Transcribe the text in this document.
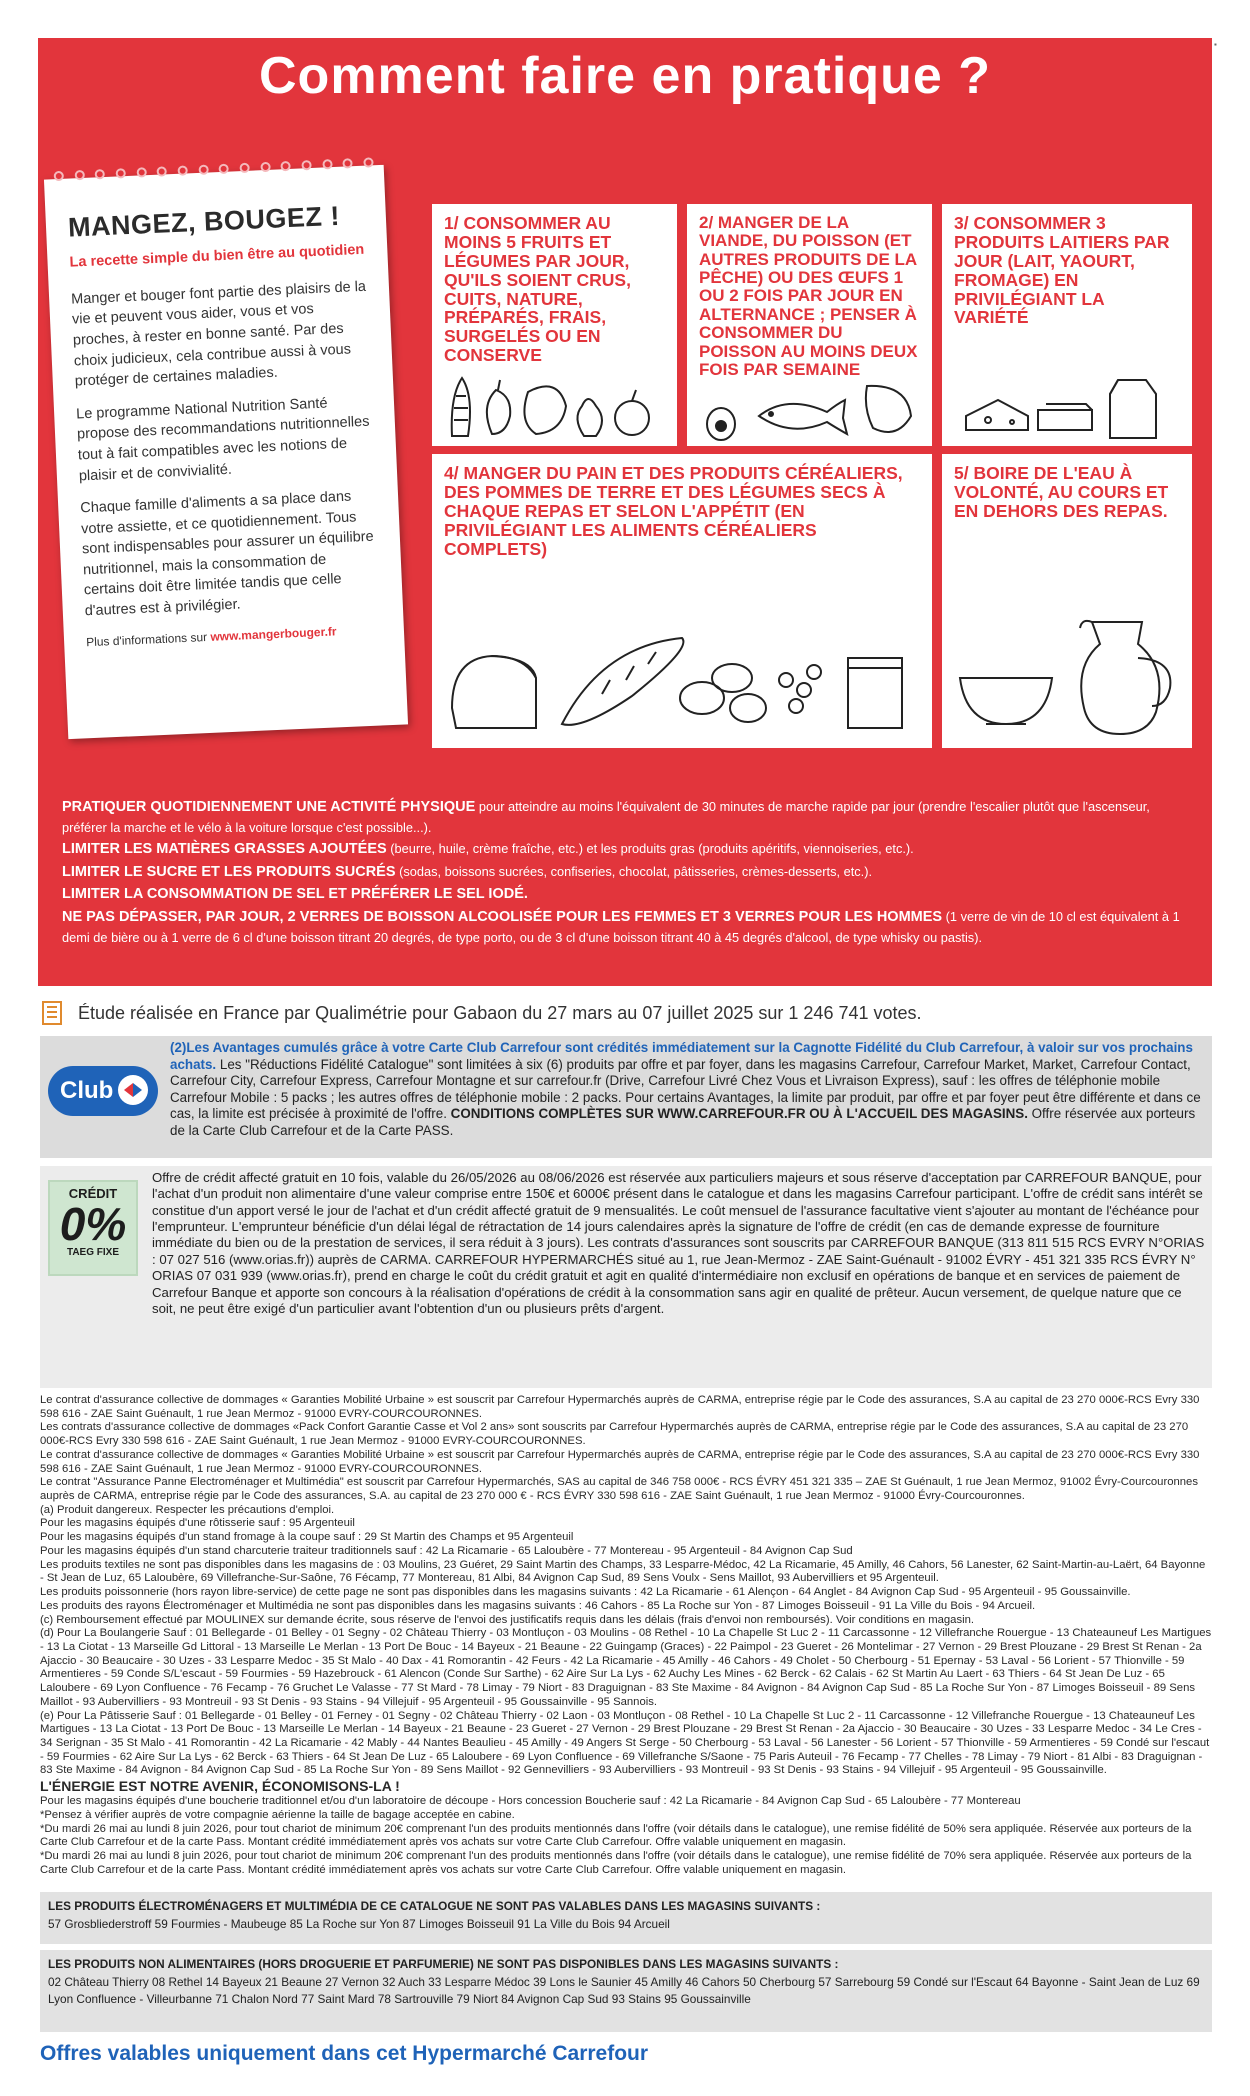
▪
Comment faire en pratique ?
MANGEZ, BOUGEZ !
La recette simple du bien être au quotidien

Manger et bouger font partie des plaisirs de la vie et peuvent vous aider, vous et vos proches, à rester en bonne santé. Par des choix judicieux, cela contribue aussi à vous protéger de certaines maladies.

Le programme National Nutrition Santé propose des recommandations nutritionnelles tout à fait compatibles avec les notions de plaisir et de convivialité.

Chaque famille d'aliments a sa place dans votre assiette, et ce quotidiennement. Tous sont indispensables pour assurer un équilibre nutritionnel, mais la consommation de certains doit être limitée tandis que celle d'autres est à privilégier.

Plus d'informations sur www.mangerbouger.fr
1/ CONSOMMER AU MOINS 5 FRUITS ET LÉGUMES PAR JOUR, QU'ILS SOIENT CRUS, CUITS, NATURE, PRÉPARÉS, FRAIS, SURGELÉS OU EN CONSERVE
2/ MANGER DE LA VIANDE, DU POISSON (ET AUTRES PRODUITS DE LA PÊCHE) OU DES ŒUFS 1 OU 2 FOIS PAR JOUR EN ALTERNANCE ; PENSER À CONSOMMER DU POISSON AU MOINS DEUX FOIS PAR SEMAINE
3/ CONSOMMER 3 PRODUITS LAITIERS PAR JOUR (LAIT, YAOURT, FROMAGE) EN PRIVILÉGIANT LA VARIÉTÉ
4/ MANGER DU PAIN ET DES PRODUITS CÉRÉALIERS, DES POMMES DE TERRE ET DES LÉGUMES SECS À CHAQUE REPAS ET SELON L'APPÉTIT (EN PRIVILÉGIANT LES ALIMENTS CÉRÉALIERS COMPLETS)
5/ BOIRE DE L'EAU À VOLONTÉ, AU COURS ET EN DEHORS DES REPAS.
PRATIQUER QUOTIDIENNEMENT UNE ACTIVITÉ PHYSIQUE pour atteindre au moins l'équivalent de 30 minutes de marche rapide par jour (prendre l'escalier plutôt que l'ascenseur, préférer la marche et le vélo à la voiture lorsque c'est possible...).
LIMITER LES MATIÈRES GRASSES AJOUTÉES (beurre, huile, crème fraîche, etc.) et les produits gras (produits apéritifs, viennoiseries, etc.).
LIMITER LE SUCRE ET LES PRODUITS SUCRÉS (sodas, boissons sucrées, confiseries, chocolat, pâtisseries, crèmes-desserts, etc.).
LIMITER LA CONSOMMATION DE SEL ET PRÉFÉRER LE SEL IODÉ.
NE PAS DÉPASSER, PAR JOUR, 2 VERRES DE BOISSON ALCOOLISÉE POUR LES FEMMES ET 3 VERRES POUR LES HOMMES (1 verre de vin de 10 cl est équivalent à 1 demi de bière ou à 1 verre de 6 cl d'une boisson titrant 20 degrés, de type porto, ou de 3 cl d'une boisson titrant 40 à 45 degrés d'alcool, de type whisky ou pastis).
Étude réalisée en France par Qualimétrie pour Gabaon du 27 mars au 07 juillet 2025 sur 1 246 741 votes.
Club
(2)Les Avantages cumulés grâce à votre Carte Club Carrefour sont crédités immédiatement sur la Cagnotte Fidélité du Club Carrefour, à valoir sur vos prochains achats. Les "Réductions Fidélité Catalogue" sont limitées à six (6) produits par offre et par foyer, dans les magasins Carrefour, Carrefour Market, Market, Carrefour Contact, Carrefour City, Carrefour Express, Carrefour Montagne et sur carrefour.fr (Drive, Carrefour Livré Chez Vous et Livraison Express), sauf : les offres de téléphonie mobile Carrefour Mobile : 5 packs ; les autres offres de téléphonie mobile : 2 packs. Pour certains Avantages, la limite par produit, par offre et par foyer peut être différente et dans ce cas, la limite est précisée à proximité de l'offre. CONDITIONS COMPLÈTES SUR WWW.CARREFOUR.FR OU À L'ACCUEIL DES MAGASINS. Offre réservée aux porteurs de la Carte Club Carrefour et de la Carte PASS.
CRÉDIT
0%
TAEG FIXE
Offre de crédit affecté gratuit en 10 fois, valable du 26/05/2026 au 08/06/2026 est réservée aux particuliers majeurs et sous réserve d'acceptation par CARREFOUR BANQUE, pour l'achat d'un produit non alimentaire d'une valeur comprise entre 150€ et 6000€ présent dans le catalogue et dans les magasins Carrefour participant. L'offre de crédit sans intérêt se constitue d'un apport versé le jour de l'achat et d'un crédit affecté gratuit de 9 mensualités. Le coût mensuel de l'assurance facultative vient s'ajouter au montant de l'échéance pour l'emprunteur. L'emprunteur bénéficie d'un délai légal de rétractation de 14 jours calendaires après la signature de l'offre de crédit (en cas de demande expresse de fourniture immédiate du bien ou de la prestation de services, il sera réduit à 3 jours). Les contrats d'assurances sont souscrits par CARREFOUR BANQUE (313 811 515 RCS EVRY N°ORIAS : 07 027 516 (www.orias.fr)) auprès de CARMA. CARREFOUR HYPERMARCHÉS situé au 1, rue Jean-Mermoz - ZAE Saint-Guénault - 91002 ÉVRY - 451 321 335 RCS ÉVRY N° ORIAS 07 031 939 (www.orias.fr), prend en charge le coût du crédit gratuit et agit en qualité d'intermédiaire non exclusif en opérations de banque et en services de paiement de Carrefour Banque et apporte son concours à la réalisation d'opérations de crédit à la consommation sans agir en qualité de prêteur. Aucun versement, de quelque nature que ce soit, ne peut être exigé d'un particulier avant l'obtention d'un ou plusieurs prêts d'argent.
Le contrat d'assurance collective de dommages « Garanties Mobilité Urbaine » est souscrit par Carrefour Hypermarchés auprès de CARMA, entreprise régie par le Code des assurances, S.A au capital de 23 270 000€-RCS Evry 330 598 616 - ZAE Saint Guénault, 1 rue Jean Mermoz - 91000 EVRY-COURCOURONNES.
Les contrats d'assurance collective de dommages «Pack Confort Garantie Casse et Vol 2 ans» sont souscrits par Carrefour Hypermarchés auprès de CARMA, entreprise régie par le Code des assurances, S.A au capital de 23 270 000€-RCS Evry 330 598 616 - ZAE Saint Guénault, 1 rue Jean Mermoz - 91000 EVRY-COURCOURONNES.
Le contrat d'assurance collective de dommages « Garanties Mobilité Urbaine » est souscrit par Carrefour Hypermarchés auprès de CARMA, entreprise régie par le Code des assurances, S.A au capital de 23 270 000€-RCS Evry 330 598 616 - ZAE Saint Guénault, 1 rue Jean Mermoz - 91000 EVRY-COURCOURONNES.
Le contrat "Assurance Panne Electroménager et Multimédia" est souscrit par Carrefour Hypermarchés, SAS au capital de 346 758 000€ - RCS ÉVRY 451 321 335 – ZAE St Guénault, 1 rue Jean Mermoz, 91002 Évry-Courcouronnes auprès de CARMA, entreprise régie par le Code des assurances, S.A. au capital de 23 270 000 € - RCS ÉVRY 330 598 616 - ZAE Saint Guénault, 1 rue Jean Mermoz - 91000 Évry-Courcouronnes.
(a) Produit dangereux. Respecter les précautions d'emploi.
Pour les magasins équipés d'une rôtisserie sauf : 95 Argenteuil
Pour les magasins équipés d'un stand fromage à la coupe sauf : 29 St Martin des Champs et 95 Argenteuil
Pour les magasins équipés d'un stand charcuterie traiteur traditionnels sauf : 42 La Ricamarie - 65 Laloubère - 77 Montereau - 95 Argenteuil - 84 Avignon Cap Sud
Les produits textiles ne sont pas disponibles dans les magasins de : 03 Moulins, 23 Guéret, 29 Saint Martin des Champs, 33 Lesparre-Médoc, 42 La Ricamarie, 45 Amilly, 46 Cahors, 56 Lanester, 62 Saint-Martin-au-Laërt, 64 Bayonne - St Jean de Luz, 65 Laloubère, 69 Villefranche-Sur-Saône, 76 Fécamp, 77 Montereau, 81 Albi, 84 Avignon Cap Sud, 89 Sens Voulx - Sens Maillot, 93 Aubervilliers et 95 Argenteuil.
Les produits poissonnerie (hors rayon libre-service) de cette page ne sont pas disponibles dans les magasins suivants : 42 La Ricamarie - 61 Alençon - 64 Anglet - 84 Avignon Cap Sud - 95 Argenteuil - 95 Goussainville.
Les produits des rayons Électroménager et Multimédia ne sont pas disponibles dans les magasins suivants : 46 Cahors - 85 La Roche sur Yon - 87 Limoges Boisseuil - 91 La Ville du Bois - 94 Arcueil.
(c) Remboursement effectué par MOULINEX sur demande écrite, sous réserve de l'envoi des justificatifs requis dans les délais (frais d'envoi non remboursés). Voir conditions en magasin.
(d) Pour La Boulangerie Sauf : 01 Bellegarde - 01 Belley - 01 Segny - 02 Château Thierry - 03 Montluçon - 03 Moulins - 08 Rethel - 10 La Chapelle St Luc 2 - 11 Carcassonne - 12 Villefranche Rouergue - 13 Chateauneuf Les Martigues - 13 La Ciotat - 13 Marseille Gd Littoral - 13 Marseille Le Merlan - 13 Port De Bouc - 14 Bayeux - 21 Beaune - 22 Guingamp (Graces) - 22 Paimpol - 23 Gueret - 26 Montelimar - 27 Vernon - 29 Brest Plouzane - 29 Brest St Renan - 2a Ajaccio - 30 Beaucaire - 30 Uzes - 33 Lesparre Medoc - 35 St Malo - 40 Dax - 41 Romorantin - 42 Feurs - 42 La Ricamarie - 45 Amilly - 46 Cahors - 49 Cholet - 50 Cherbourg - 51 Epernay - 53 Laval - 56 Lorient - 57 Thionville - 59 Armentieres - 59 Conde S/L'escaut - 59 Fourmies - 59 Hazebrouck - 61 Alencon (Conde Sur Sarthe) - 62 Aire Sur La Lys - 62 Auchy Les Mines - 62 Berck - 62 Calais - 62 St Martin Au Laert - 63 Thiers - 64 St Jean De Luz - 65 Laloubere - 69 Lyon Confluence - 76 Fecamp - 76 Gruchet Le Valasse - 77 St Mard - 78 Limay - 79 Niort - 83 Draguignan - 83 Ste Maxime - 84 Avignon - 84 Avignon Cap Sud - 85 La Roche Sur Yon - 87 Limoges Boisseuil - 89 Sens Maillot - 93 Aubervilliers - 93 Montreuil - 93 St Denis - 93 Stains - 94 Villejuif - 95 Argenteuil - 95 Goussainville - 95 Sannois.
(e) Pour La Pâtisserie Sauf : 01 Bellegarde - 01 Belley - 01 Ferney - 01 Segny - 02 Château Thierry - 02 Laon - 03 Montluçon - 08 Rethel - 10 La Chapelle St Luc 2 - 11 Carcassonne - 12 Villefranche Rouergue - 13 Chateauneuf Les Martigues - 13 La Ciotat - 13 Port De Bouc - 13 Marseille Le Merlan - 14 Bayeux - 21 Beaune - 23 Gueret - 27 Vernon - 29 Brest Plouzane - 29 Brest St Renan - 2a Ajaccio - 30 Beaucaire - 30 Uzes - 33 Lesparre Medoc - 34 Le Cres - 34 Serignan - 35 St Malo - 41 Romorantin - 42 La Ricamarie - 42 Mably - 44 Nantes Beaulieu - 45 Amilly - 49 Angers St Serge - 50 Cherbourg - 53 Laval - 56 Lanester - 56 Lorient - 57 Thionville - 59 Armentieres - 59 Condé sur l'escaut - 59 Fourmies - 62 Aire Sur La Lys - 62 Berck - 63 Thiers - 64 St Jean De Luz - 65 Laloubere - 69 Lyon Confluence - 69 Villefranche S/Saone - 75 Paris Auteuil - 76 Fecamp - 77 Chelles - 78 Limay - 79 Niort - 81 Albi - 83 Draguignan - 83 Ste Maxime - 84 Avignon - 84 Avignon Cap Sud - 85 La Roche Sur Yon - 89 Sens Maillot - 92 Gennevilliers - 93 Aubervilliers - 93 Montreuil - 93 St Denis - 93 Stains - 94 Villejuif - 95 Argenteuil - 95 Goussainville.
L'ÉNERGIE EST NOTRE AVENIR, ÉCONOMISONS-LA !
Pour les magasins équipés d'une boucherie traditionnel et/ou d'un laboratoire de découpe - Hors concession Boucherie sauf : 42 La Ricamarie - 84 Avignon Cap Sud - 65 Laloubère - 77 Montereau
*Pensez à vérifier auprès de votre compagnie aérienne la taille de bagage acceptée en cabine.
*Du mardi 26 mai au lundi 8 juin 2026, pour tout chariot de minimum 20€ comprenant l'un des produits mentionnés dans l'offre (voir détails dans le catalogue), une remise fidélité de 50% sera appliquée. Réservée aux porteurs de la Carte Club Carrefour et de la carte Pass. Montant crédité immédiatement après vos achats sur votre Carte Club Carrefour. Offre valable uniquement en magasin.
*Du mardi 26 mai au lundi 8 juin 2026, pour tout chariot de minimum 20€ comprenant l'un des produits mentionnés dans l'offre (voir détails dans le catalogue), une remise fidélité de 70% sera appliquée. Réservée aux porteurs de la Carte Club Carrefour et de la carte Pass. Montant crédité immédiatement après vos achats sur votre Carte Club Carrefour. Offre valable uniquement en magasin.
LES PRODUITS ÉLECTROMÉNAGERS ET MULTIMÉDIA DE CE CATALOGUE NE SONT PAS VALABLES DANS LES MAGASINS SUIVANTS :
57 Grosbliederstroff 59 Fourmies - Maubeuge 85 La Roche sur Yon 87 Limoges Boisseuil 91 La Ville du Bois 94 Arcueil
LES PRODUITS NON ALIMENTAIRES (HORS DROGUERIE ET PARFUMERIE) NE SONT PAS DISPONIBLES DANS LES MAGASINS SUIVANTS :
02 Château Thierry 08 Rethel 14 Bayeux 21 Beaune 27 Vernon 32 Auch 33 Lesparre Médoc 39 Lons le Saunier 45 Amilly 46 Cahors 50 Cherbourg 57 Sarrebourg 59 Condé sur l'Escaut 64 Bayonne - Saint Jean de Luz 69 Lyon Confluence - Villeurbanne 71 Chalon Nord 77 Saint Mard 78 Sartrouville 79 Niort 84 Avignon Cap Sud 93 Stains 95 Goussainville
Offres valables uniquement dans cet Hypermarché Carrefour
